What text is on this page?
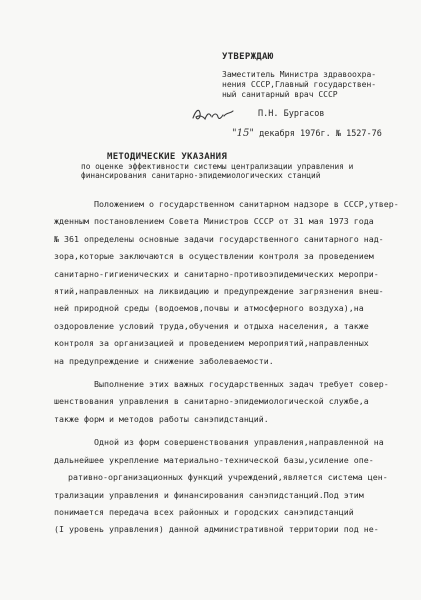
УТВЕРЖДАЮ
Заместитель Министра здравоохра-
нения СССР,Главный государствен-
ный санитарный врач СССР
П.Н. Бургасов
"15" декабря 1976г. № 1527-76
МЕТОДИЧЕСКИЕ УКАЗАНИЯ
по оценке эффективности системы централизации управления и
финансирования санитарно-эпидемиологических станций

Положением о государственном санитарном надзоре в СССР,утвер-

жденным постановлением Совета Министров СССР от 31 мая 1973 года

№ 361 определены основные задачи государственного санитарного над-

зора,которые заключаются в осуществлении контроля за проведением

санитарно-гигиенических и санитарно-противоэпидемических меропри-

ятий,направленных на ликвидацию и предупреждение загрязнения внеш-

ней природной среды (водоемов,почвы и атмосферного воздуха),на

оздоровление условий труда,обучения и отдыха населения, а также

контроля за организацией и проведением мероприятий,направленных

на предупреждение и снижение заболеваемости.

Выполнение этих важных государственных задач требует совер-

шенствования управления в санитарно-эпидемиологической службе,а

также форм и методов работы санэпидстанций.

Одной из форм совершенствования управления,направленной на

дальнейшее укрепление материально-технической базы,усиление опе-

ративно-организационных функций учреждений,является система цен-

трализации управления и финансирования санэпидстанций.Под этим

понимается передача всех районных и городских санэпидстанций

(I уровень управления) данной административной территории под не-
